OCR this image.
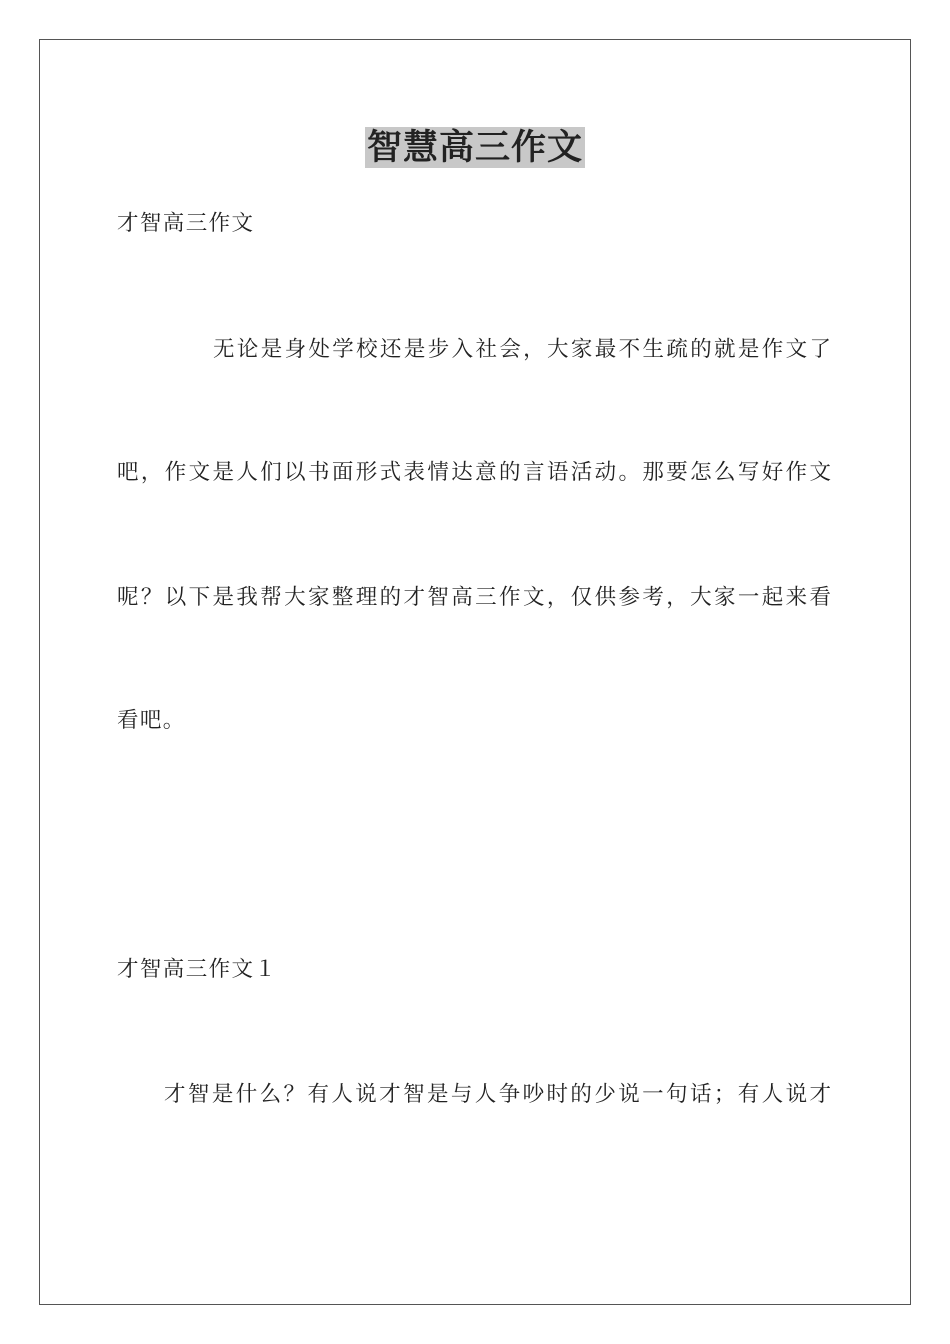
智慧高三作文
才智高三作文
无论是身处学校还是步入社会，大家最不生疏的就是作文了
吧，作文是人们以书面形式表情达意的言语活动。那要怎么写好作文
呢？以下是我帮大家整理的才智高三作文，仅供参考，大家一起来看
看吧。
才智高三作文１
才智是什么？有人说才智是与人争吵时的少说一句话；有人说才
